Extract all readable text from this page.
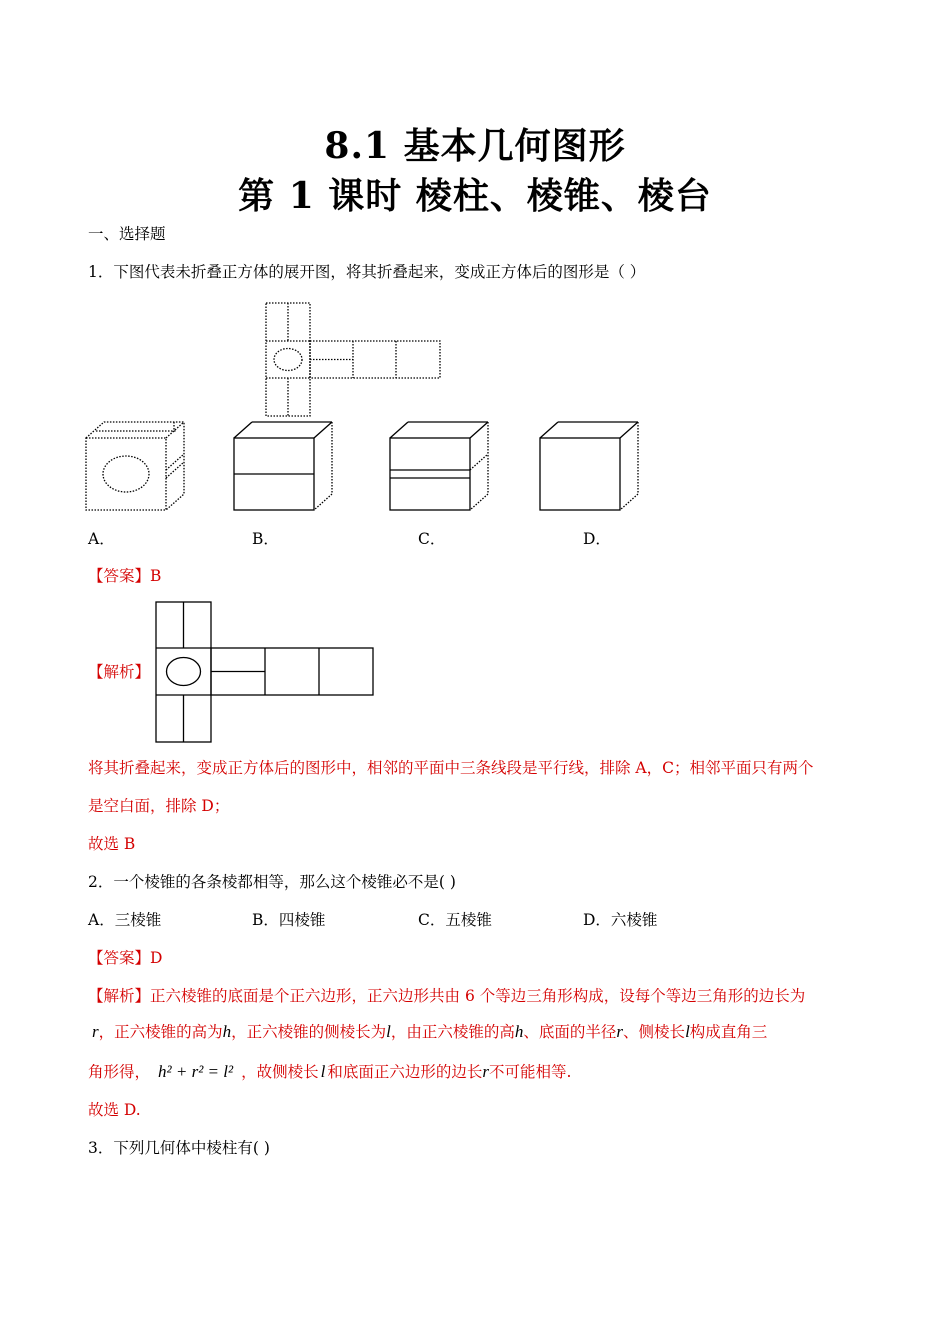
8.1 基本几何图形
第 1 课时 棱柱、棱锥、棱台
一、选择题
1．下图代表未折叠正方体的展开图，将其折叠起来，变成正方体后的图形是（ ）
A．	B．	C．	D．
【答案】B
【解析】
将其折叠起来，变成正方体后的图形中，相邻的平面中三条线段是平行线，排除 A，C；相邻平面只有两个
是空白面，排除 D；
故选 B
2．一个棱锥的各条棱都相等，那么这个棱锥必不是( )
A．三棱锥	B．四棱锥	C．五棱锥	D．六棱锥
【答案】D
【解析】正六棱锥的底面是个正六边形，正六边形共由 6 个等边三角形构成，设每个等边三角形的边长为
r，正六棱锥的高为h，正六棱锥的侧棱长为l，由正六棱锥的高h、底面的半径r、侧棱长l构成直角三
角形得， h² + r² = l² ，故侧棱长 l 和底面正六边形的边长r不可能相等.
故选 D.
3．下列几何体中棱柱有( )
